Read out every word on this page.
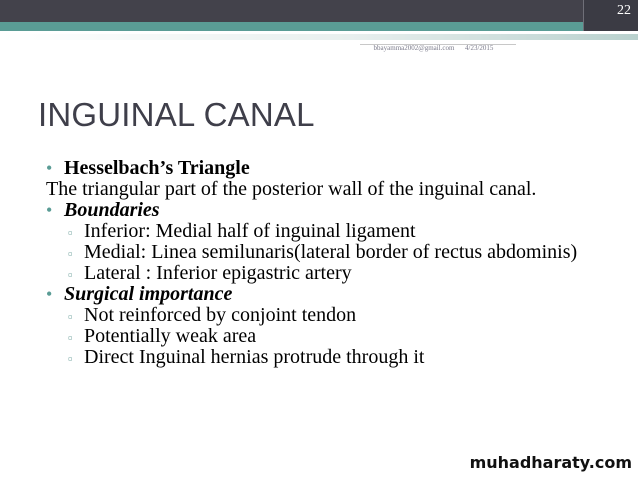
22
bbayamma2002@gmail.com	4/23/2015
INGUINAL CANAL
• Hesselbach’s Triangle
The triangular part of the posterior wall of the inguinal canal.
• Boundaries
▫ Inferior: Medial half of inguinal ligament
▫ Medial: Linea semilunaris(lateral border of rectus abdominis)
▫ Lateral : Inferior epigastric artery
• Surgical importance
▫ Not reinforced by conjoint tendon
▫ Potentially weak area
▫ Direct Inguinal hernias protrude through it
muhadharaty.com
